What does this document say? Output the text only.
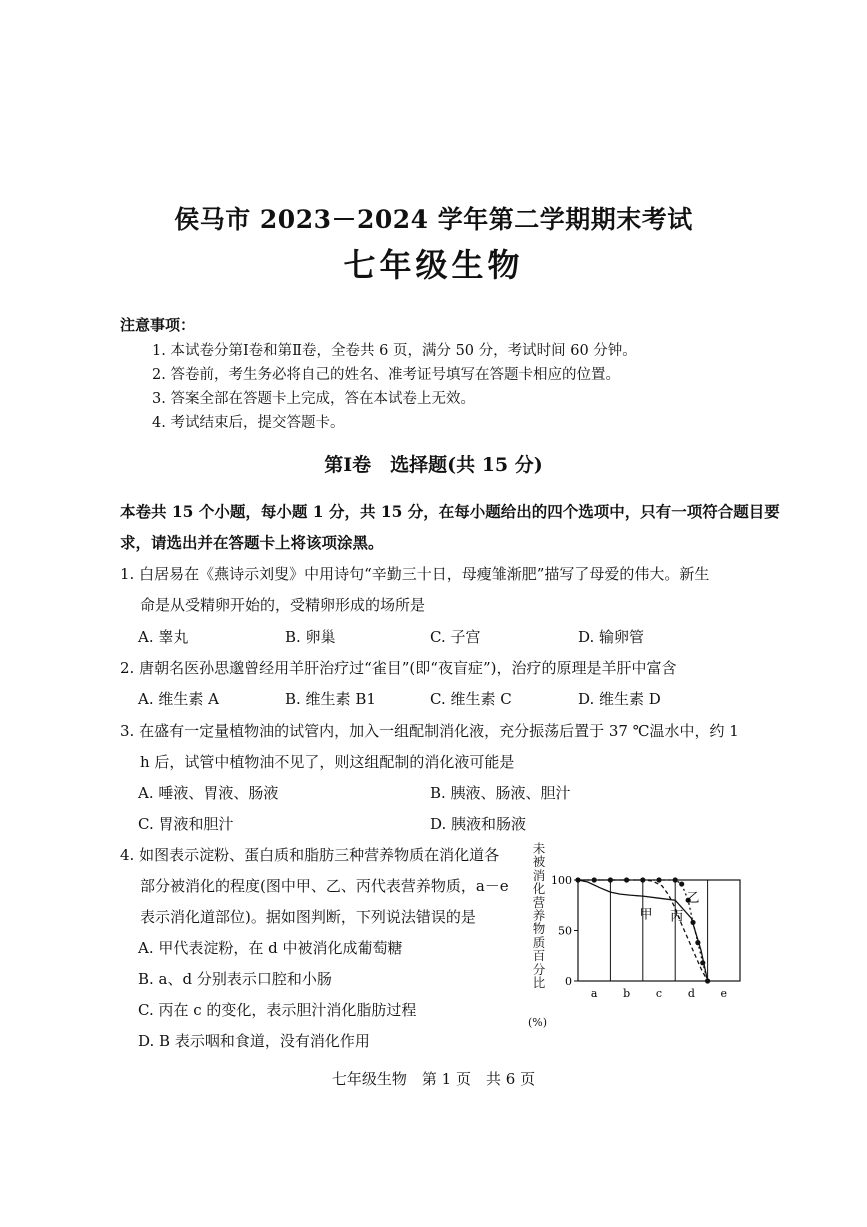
侯马市 2023－2024 学年第二学期期末考试
七年级生物
注意事项：
1. 本试卷分第Ⅰ卷和第Ⅱ卷，全卷共 6 页，满分 50 分，考试时间 60 分钟。
2. 答卷前，考生务必将自己的姓名、准考证号填写在答题卡相应的位置。
3. 答案全部在答题卡上完成，答在本试卷上无效。
4. 考试结束后，提交答题卡。
第Ⅰ卷　选择题(共 15 分)
本卷共 15 个小题，每小题 1 分，共 15 分，在每小题给出的四个选项中，只有一项符合题目要
求，请选出并在答题卡上将该项涂黑。
1. 白居易在《燕诗示刘叟》中用诗句“辛勤三十日，母瘦雏渐肥”描写了母爱的伟大。新生
命是从受精卵开始的，受精卵形成的场所是
A. 睾丸	B. 卵巢	C. 子宫	D. 输卵管
2. 唐朝名医孙思邈曾经用羊肝治疗过“雀目”(即“夜盲症”)，治疗的原理是羊肝中富含
A. 维生素 A	B. 维生素 B1	C. 维生素 C	D. 维生素 D
3. 在盛有一定量植物油的试管内，加入一组配制消化液，充分振荡后置于 37 ℃温水中，约 1
h 后，试管中植物油不见了，则这组配制的消化液可能是
A. 唾液、胃液、肠液	B. 胰液、肠液、胆汁
C. 胃液和胆汁	D. 胰液和肠液
4. 如图表示淀粉、蛋白质和脂肪三种营养物质在消化道各
部分被消化的程度(图中甲、乙、丙代表营养物质，a－e
表示消化道部位)。据如图判断，下列说法错误的是
A. 甲代表淀粉，在 d 中被消化成葡萄糖
B. a、d 分别表示口腔和小肠
C. 丙在 c 的变化，表示胆汁消化脂肪过程
D. B 表示咽和食道，没有消化作用
未被消化营养物质百分比
(%)
100
50
0
a b c d e
甲 丙
乙
七年级生物　第 1 页　共 6 页
